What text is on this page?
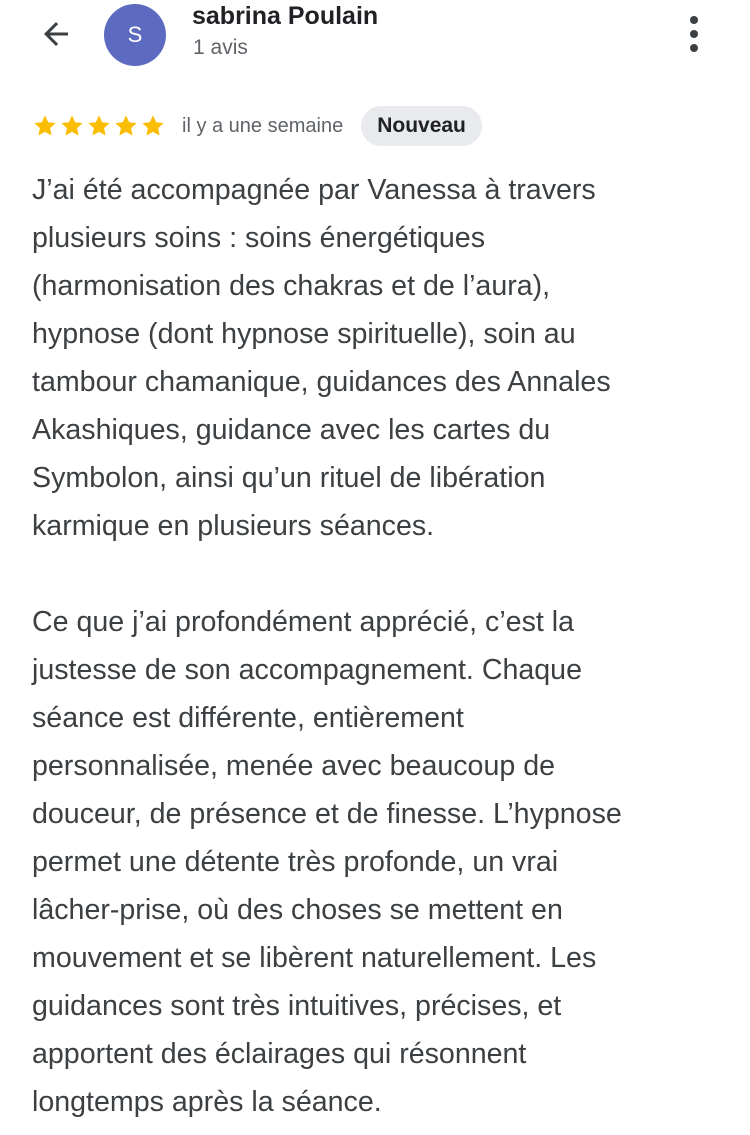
S
sabrina Poulain
1 avis
il y a une semaine	Nouveau

J’ai été accompagnée par Vanessa à travers
plusieurs soins : soins énergétiques
(harmonisation des chakras et de l’aura),
hypnose (dont hypnose spirituelle), soin au
tambour chamanique, guidances des Annales
Akashiques, guidance avec les cartes du
Symbolon, ainsi qu’un rituel de libération
karmique en plusieurs séances.

Ce que j’ai profondément apprécié, c’est la
justesse de son accompagnement. Chaque
séance est différente, entièrement
personnalisée, menée avec beaucoup de
douceur, de présence et de finesse. L’hypnose
permet une détente très profonde, un vrai
lâcher-prise, où des choses se mettent en
mouvement et se libèrent naturellement. Les
guidances sont très intuitives, précises, et
apportent des éclairages qui résonnent
longtemps après la séance.
